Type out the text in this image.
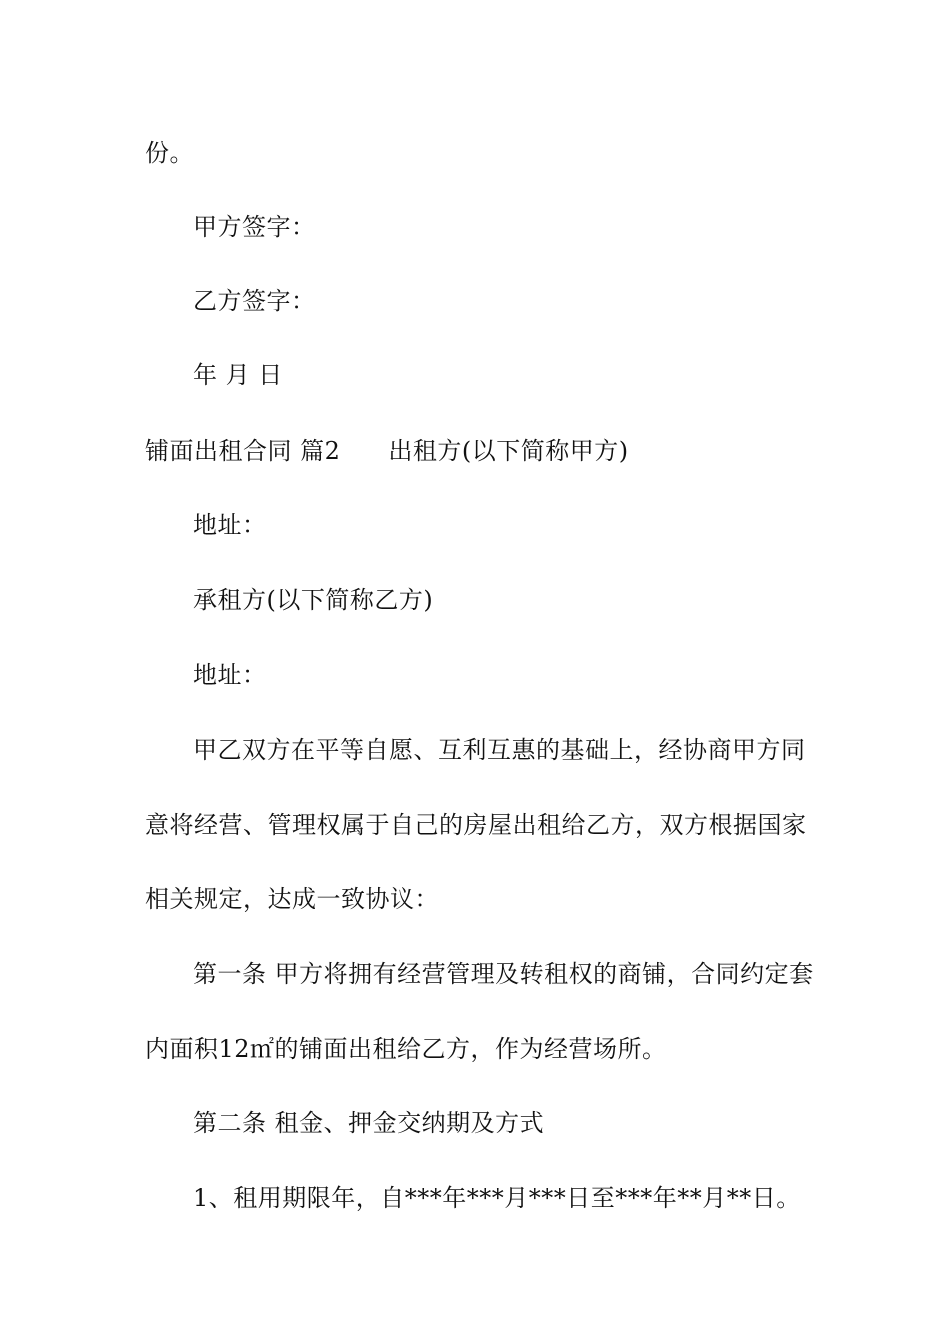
份。
甲方签字：
乙方签字：
年 月 日
铺面出租合同 篇2 出租方(以下简称甲方)
地址：
承租方(以下简称乙方)
地址：
甲乙双方在平等自愿、互利互惠的基础上，经协商甲方同
意将经营、管理权属于自己的房屋出租给乙方，双方根据国家
相关规定，达成一致协议：
第一条 甲方将拥有经营管理及转租权的商铺，合同约定套
内面积12㎡的铺面出租给乙方，作为经营场所。
第二条 租金、押金交纳期及方式
1、租用期限年，自***年***月***日至***年**月**日。
